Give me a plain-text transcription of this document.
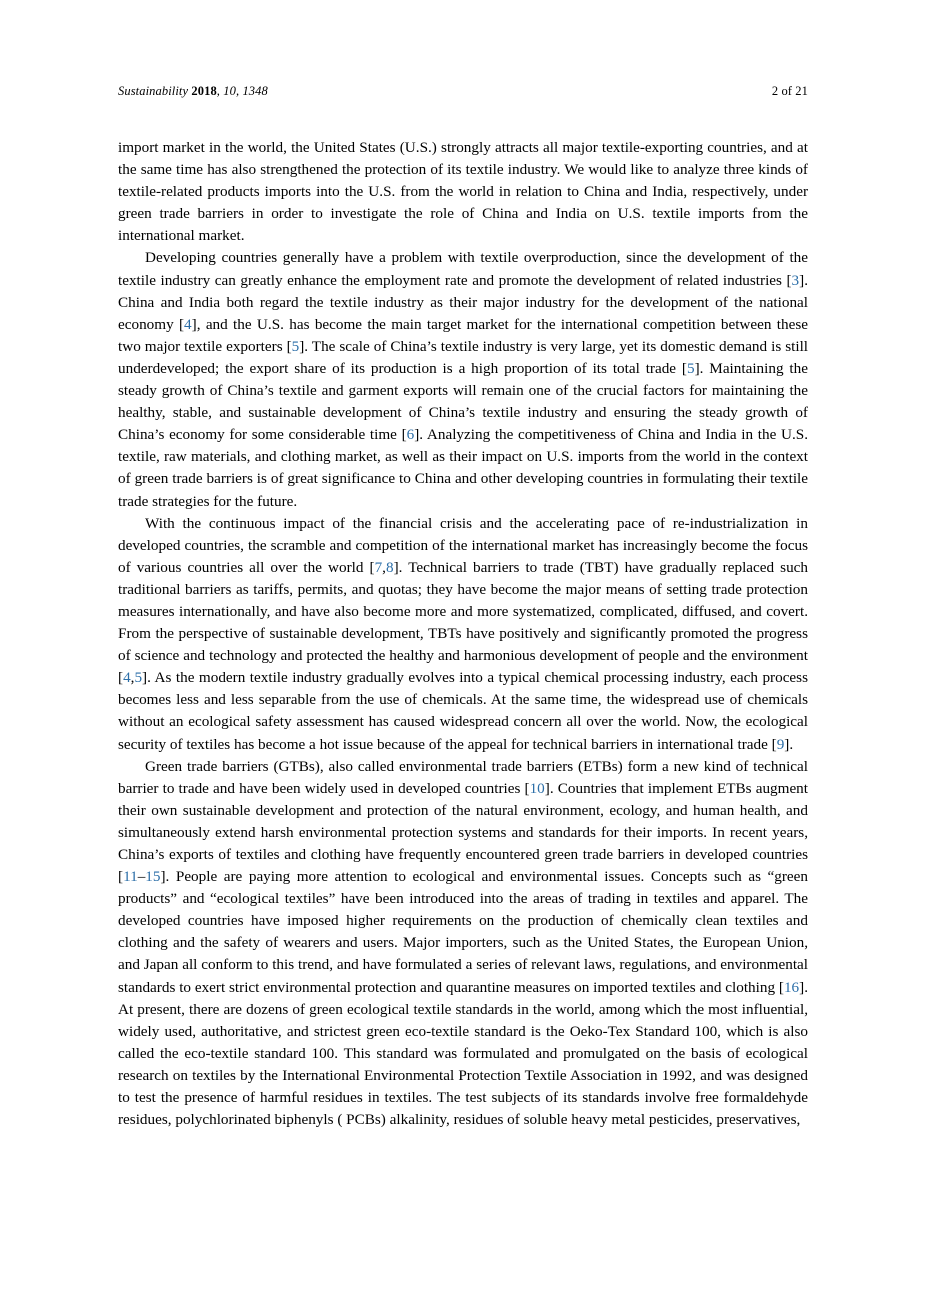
Sustainability 2018, 10, 1348	2 of 21

import market in the world, the United States (U.S.) strongly attracts all major textile-exporting countries, and at the same time has also strengthened the protection of its textile industry. We would like to analyze three kinds of textile-related products imports into the U.S. from the world in relation to China and India, respectively, under green trade barriers in order to investigate the role of China and India on U.S. textile imports from the international market.

Developing countries generally have a problem with textile overproduction, since the development of the textile industry can greatly enhance the employment rate and promote the development of related industries [3]. China and India both regard the textile industry as their major industry for the development of the national economy [4], and the U.S. has become the main target market for the international competition between these two major textile exporters [5]. The scale of China’s textile industry is very large, yet its domestic demand is still underdeveloped; the export share of its production is a high proportion of its total trade [5]. Maintaining the steady growth of China’s textile and garment exports will remain one of the crucial factors for maintaining the healthy, stable, and sustainable development of China’s textile industry and ensuring the steady growth of China’s economy for some considerable time [6]. Analyzing the competitiveness of China and India in the U.S. textile, raw materials, and clothing market, as well as their impact on U.S. imports from the world in the context of green trade barriers is of great significance to China and other developing countries in formulating their textile trade strategies for the future.

With the continuous impact of the financial crisis and the accelerating pace of re-industrialization in developed countries, the scramble and competition of the international market has increasingly become the focus of various countries all over the world [7,8]. Technical barriers to trade (TBT) have gradually replaced such traditional barriers as tariffs, permits, and quotas; they have become the major means of setting trade protection measures internationally, and have also become more and more systematized, complicated, diffused, and covert. From the perspective of sustainable development, TBTs have positively and significantly promoted the progress of science and technology and protected the healthy and harmonious development of people and the environment [4,5]. As the modern textile industry gradually evolves into a typical chemical processing industry, each process becomes less and less separable from the use of chemicals. At the same time, the widespread use of chemicals without an ecological safety assessment has caused widespread concern all over the world. Now, the ecological security of textiles has become a hot issue because of the appeal for technical barriers in international trade [9].

Green trade barriers (GTBs), also called environmental trade barriers (ETBs) form a new kind of technical barrier to trade and have been widely used in developed countries [10]. Countries that implement ETBs augment their own sustainable development and protection of the natural environment, ecology, and human health, and simultaneously extend harsh environmental protection systems and standards for their imports. In recent years, China’s exports of textiles and clothing have frequently encountered green trade barriers in developed countries [11–15]. People are paying more attention to ecological and environmental issues. Concepts such as “green products” and “ecological textiles” have been introduced into the areas of trading in textiles and apparel. The developed countries have imposed higher requirements on the production of chemically clean textiles and clothing and the safety of wearers and users. Major importers, such as the United States, the European Union, and Japan all conform to this trend, and have formulated a series of relevant laws, regulations, and environmental standards to exert strict environmental protection and quarantine measures on imported textiles and clothing [16]. At present, there are dozens of green ecological textile standards in the world, among which the most influential, widely used, authoritative, and strictest green eco-textile standard is the Oeko-Tex Standard 100, which is also called the eco-textile standard 100. This standard was formulated and promulgated on the basis of ecological research on textiles by the International Environmental Protection Textile Association in 1992, and was designed to test the presence of harmful residues in textiles. The test subjects of its standards involve free formaldehyde residues, polychlorinated biphenyls ( PCBs) alkalinity, residues of soluble heavy metal pesticides, preservatives,
